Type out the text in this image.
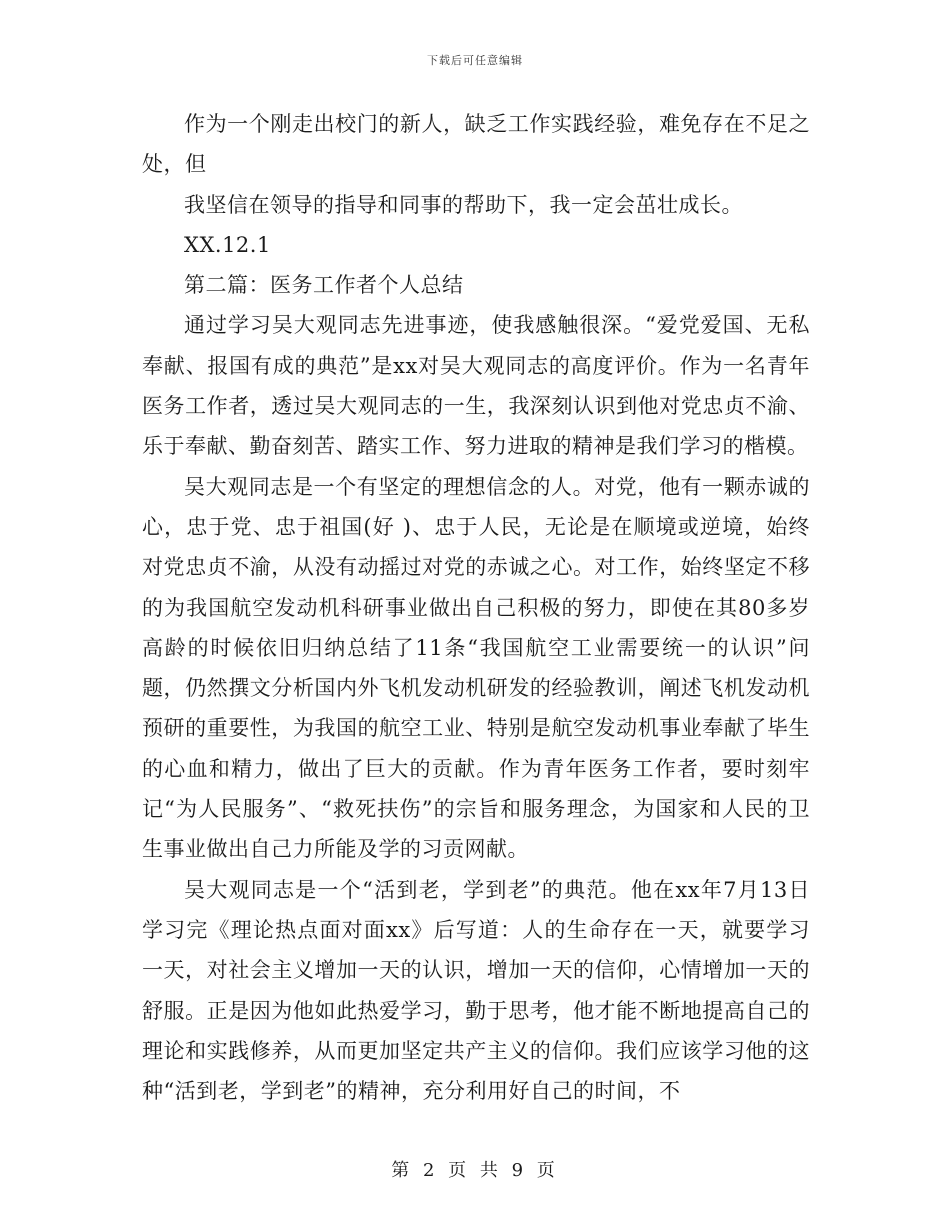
下载后可任意编辑

作为一个刚走出校门的新人，缺乏工作实践经验，难免存在不足之处，但

我坚信在领导的指导和同事的帮助下，我一定会茁壮成长。

XX.12.1

第二篇：医务工作者个人总结

通过学习吴大观同志先进事迹，使我感触很深。“爱党爱国、无私奉献、报国有成的典范”是xx对吴大观同志的高度评价。作为一名青年医务工作者，透过吴大观同志的一生，我深刻认识到他对党忠贞不渝、乐于奉献、勤奋刻苦、踏实工作、努力进取的精神是我们学习的楷模。

吴大观同志是一个有坚定的理想信念的人。对党，他有一颗赤诚的心，忠于党、忠于祖国(好 )、忠于人民，无论是在顺境或逆境，始终对党忠贞不渝，从没有动摇过对党的赤诚之心。对工作，始终坚定不移的为我国航空发动机科研事业做出自己积极的努力，即使在其80多岁高龄的时候依旧归纳总结了11条“我国航空工业需要统一的认识”问题，仍然撰文分析国内外飞机发动机研发的经验教训，阐述飞机发动机预研的重要性，为我国的航空工业、特别是航空发动机事业奉献了毕生的心血和精力，做出了巨大的贡献。作为青年医务工作者，要时刻牢记“为人民服务”、“救死扶伤”的宗旨和服务理念，为国家和人民的卫生事业做出自己力所能及学的习贡网献。

吴大观同志是一个“活到老，学到老”的典范。他在xx年7月13日学习完《理论热点面对面xx》后写道：人的生命存在一天，就要学习一天，对社会主义增加一天的认识，增加一天的信仰，心情增加一天的舒服。正是因为他如此热爱学习，勤于思考，他才能不断地提高自己的理论和实践修养，从而更加坚定共产主义的信仰。我们应该学习他的这种“活到老，学到老”的精神，充分利用好自己的时间，不

第 2 页 共 9 页
